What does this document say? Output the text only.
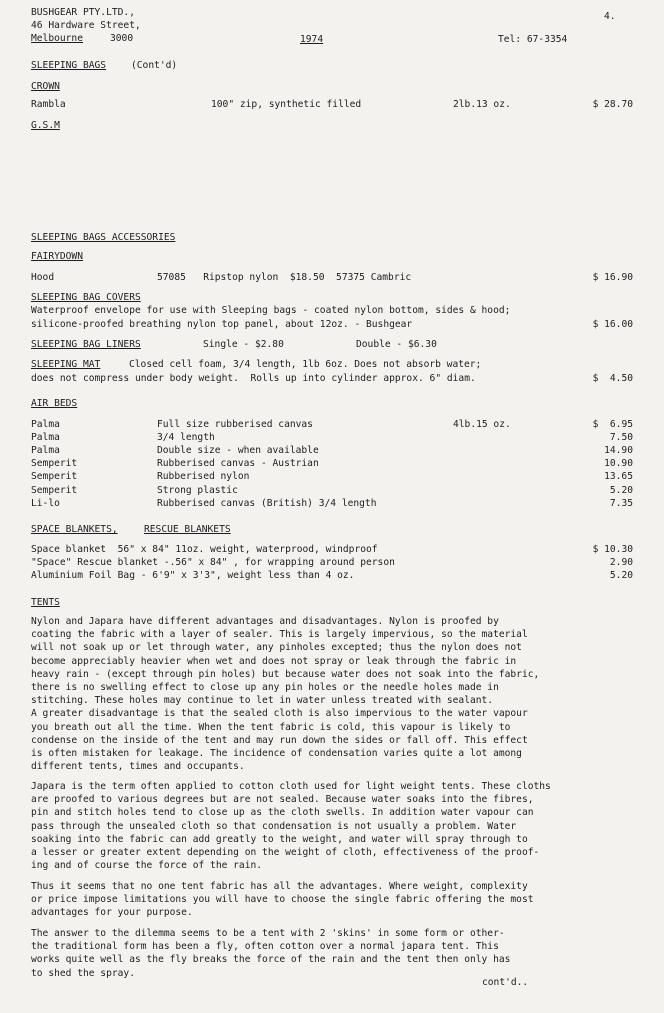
BUSHGEAR PTY.LTD.,
46 Hardware Street,
Melbourne	3000	1974	Tel: 67-3354
4.
SLEEPING BAGS	(Cont'd)
CROWN
Rambla	100" zip, synthetic filled	2lb.13 oz.	$ 28.70
G.S.M
SLEEPING BAGS ACCESSORIES
FAIRYDOWN
Hood	57085   Ripstop nylon  $18.50  57375 Cambric	$ 16.90
SLEEPING BAG COVERS
Waterproof envelope for use with Sleeping bags - coated nylon bottom, sides & hood;
silicone-proofed breathing nylon top panel, about 12oz. - Bushgear	$ 16.00
SLEEPING BAG LINERS	Single - $2.80	Double - $6.30
SLEEPING MAT	Closed cell foam, 3/4 length, 1lb 6oz. Does not absorb water;
does not compress under body weight.  Rolls up into cylinder approx. 6" diam.	$  4.50
AIR BEDS
Palma	Full size rubberised canvas	4lb.15 oz.	$  6.95
Palma	3/4 length	7.50
Palma	Double size - when available	14.90
Semperit	Rubberised canvas - Austrian	10.90
Semperit	Rubberised nylon	13.65
Semperit	Strong plastic	5.20
Li-lo	Rubberised canvas (British) 3/4 length	7.35
SPACE BLANKETS,	RESCUE BLANKETS
Space blanket  56" x 84" 11oz. weight, waterprood, windproof	$ 10.30
"Space" Rescue blanket -.56" x 84" , for wrapping around person	2.90
Aluminium Foil Bag - 6'9" x 3'3", weight less than 4 oz.	5.20
TENTS
Nylon and Japara have different advantages and disadvantages. Nylon is proofed by
coating the fabric with a layer of sealer. This is largely impervious, so the material
will not soak up or let through water, any pinholes excepted; thus the nylon does not
become appreciably heavier when wet and does not spray or leak through the fabric in
heavy rain - (except through pin holes) but because water does not soak into the fabric,
there is no swelling effect to close up any pin holes or the needle holes made in
stitching. These holes may continue to let in water unless treated with sealant.
A greater disadvantage is that the sealed cloth is also impervious to the water vapour
you breath out all the time. When the tent fabric is cold, this vapour is likely to
condense on the inside of the tent and may run down the sides or fall off. This effect
is often mistaken for leakage. The incidence of condensation varies quite a lot among
different tents, times and occupants.
Japara is the term often applied to cotton cloth used for light weight tents. These cloths
are proofed to various degrees but are not sealed. Because water soaks into the fibres,
pin and stitch holes tend to close up as the cloth swells. In addition water vapour can
pass through the unsealed cloth so that condensation is not usually a problem. Water
soaking into the fabric can add greatly to the weight, and water will spray through to
a lesser or greater extent depending on the weight of cloth, effectiveness of the proof-
ing and of course the force of the rain.
Thus it seems that no one tent fabric has all the advantages. Where weight, complexity
or price impose limitations you will have to choose the single fabric offering the most
advantages for your purpose.
The answer to the dilemma seems to be a tent with 2 'skins' in some form or other-
the traditional form has been a fly, often cotton over a normal japara tent. This
works quite well as the fly breaks the force of the rain and the tent then only has
to shed the spray.
cont'd..
